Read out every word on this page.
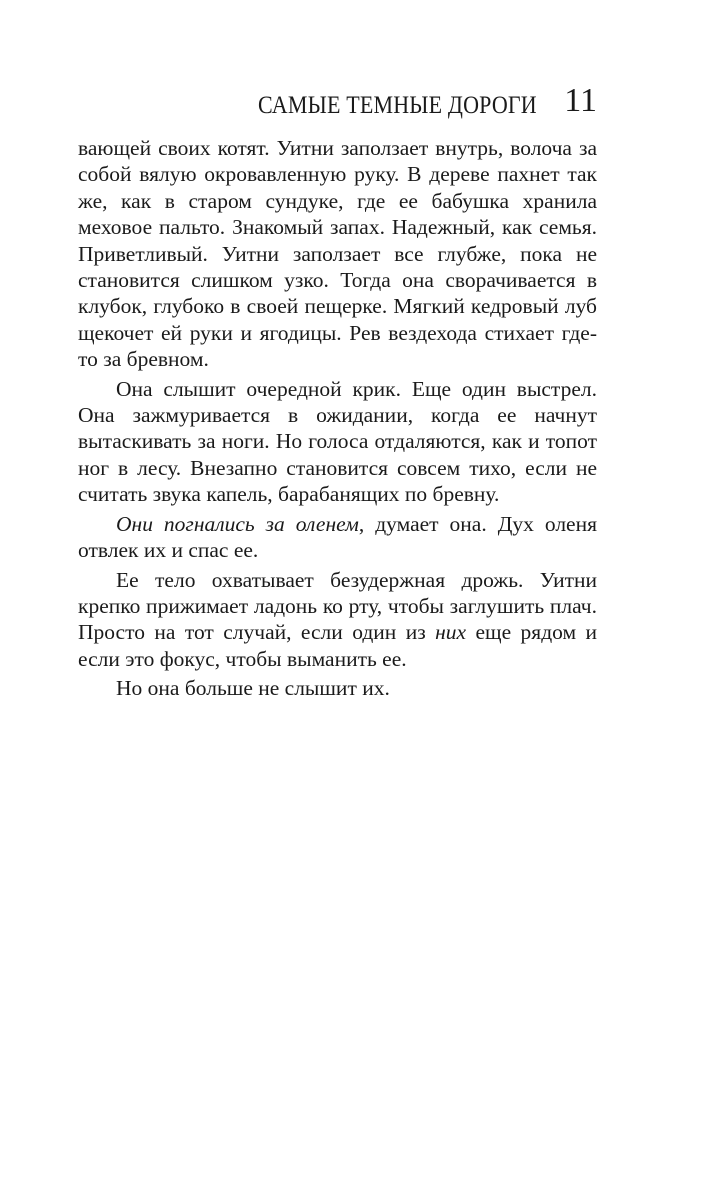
САМЫЕ ТЕМНЫЕ ДОРОГИ 11

вающей своих котят. Уитни заползает внутрь, волоча за собой вялую окровавленную руку. В дереве пахнет так же, как в старом сундуке, где ее бабушка хранила меховое пальто. Знакомый запах. Надежный, как семья. Приветливый. Уитни заползает все глубже, пока не становится слишком узко. Тогда она сворачивается в клубок, глубоко в своей пещерке. Мягкий кедровый луб щекочет ей руки и ягодицы. Рев вездехода стихает где-то за бревном.

Она слышит очередной крик. Еще один выстрел. Она зажмуривается в ожидании, когда ее начнут вытаскивать за ноги. Но голоса отдаляются, как и топот ног в лесу. Внезапно становится совсем тихо, если не считать звука капель, барабанящих по бревну.

Они погнались за оленем, думает она. Дух оленя отвлек их и спас ее.

Ее тело охватывает безудержная дрожь. Уитни крепко прижимает ладонь ко рту, чтобы заглушить плач. Просто на тот случай, если один из них еще рядом и если это фокус, чтобы выманить ее.

Но она больше не слышит их.
